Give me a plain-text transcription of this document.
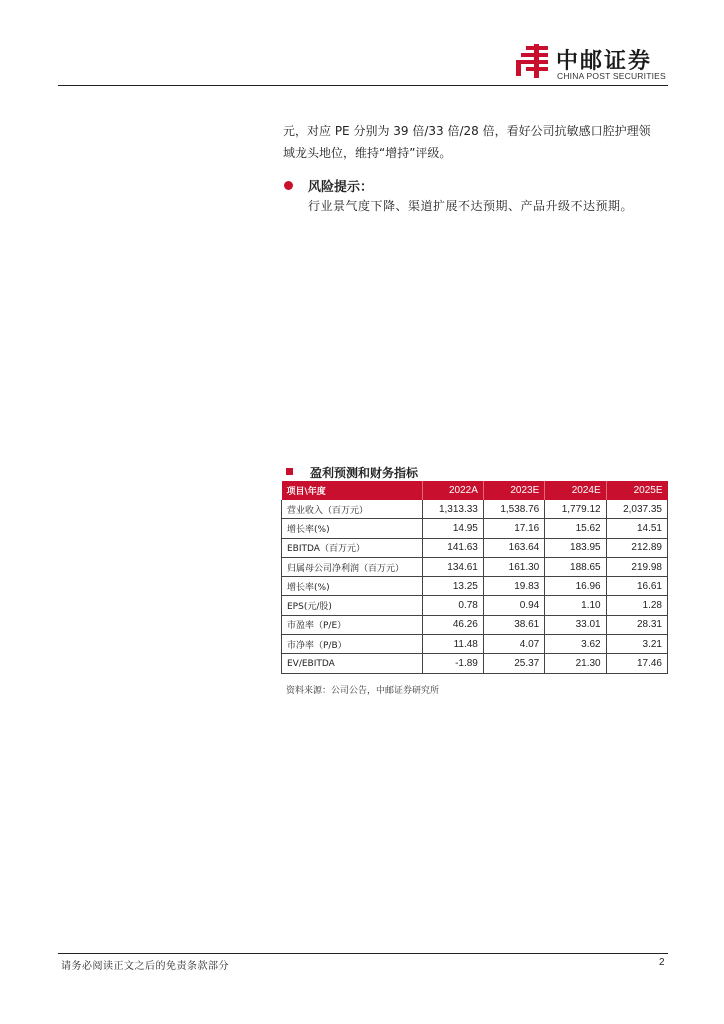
中邮证券
CHINA POST SECURITIES

元，对应 PE 分别为 39 倍/33 倍/28 倍，看好公司抗敏感口腔护理领

域龙头地位，维持“增持”评级。

风险提示：
行业景气度下降、渠道扩展不达预期、产品升级不达预期。
盈利预测和财务指标
项目\年度	2022A	2023E	2024E	2025E
营业收入（百万元）	1,313.33	1,538.76	1,779.12	2,037.35
增长率(%)	14.95	17.16	15.62	14.51
EBITDA（百万元）	141.63	163.64	183.95	212.89
归属母公司净利润（百万元）	134.61	161.30	188.65	219.98
增长率(%)	13.25	19.83	16.96	16.61
EPS(元/股)	0.78	0.94	1.10	1.28
市盈率（P/E）	46.26	38.61	33.01	28.31
市净率（P/B）	11.48	4.07	3.62	3.21
EV/EBITDA	-1.89	25.37	21.30	17.46
资料来源：公司公告，中邮证券研究所
请务必阅读正文之后的免责条款部分	2
